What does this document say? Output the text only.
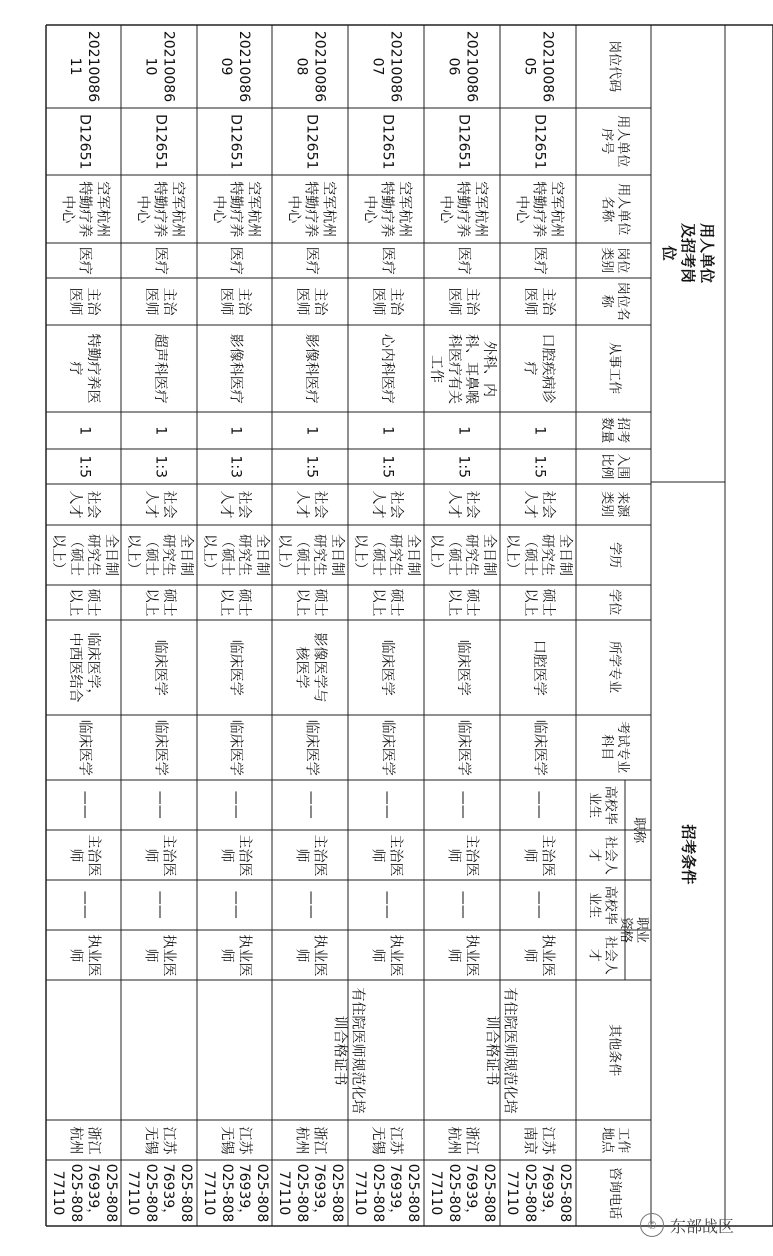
用人单位及招考岗位
招考条件
岗位代码
用人单位序号
用人单位名称
岗位类别
岗位名称
从事工作
招考数量
入围比例
来源类别
学历
学位
所学专业
考试专业科目
高校毕业生
社会人才
高校毕业生
社会人才
其他条件
工作地点
咨询电话
职称
职业资格
2021008605
D12651
空军杭州特勤疗养中心
医疗
主治医师
口腔疾病诊疗
1
1:5
社会人才
全日制研究生（硕士以上）
硕士以上
口腔医学
临床医学
——
主治医师
——
执业医师
江苏南京
025-80876939，025-80877110
2021008606
D12651
空军杭州特勤疗养中心
医疗
主治医师
外科、内科、耳鼻喉科医疗有关工作
1
1:5
社会人才
全日制研究生（硕士以上）
硕士以上
临床医学
临床医学
——
主治医师
——
执业医师
浙江杭州
025-80876939，025-80877110
2021008607
D12651
空军杭州特勤疗养中心
医疗
主治医师
心内科医疗
1
1:5
社会人才
全日制研究生（硕士以上）
硕士以上
临床医学
临床医学
——
主治医师
——
执业医师
江苏无锡
025-80876939，025-80877110
2021008608
D12651
空军杭州特勤疗养中心
医疗
主治医师
影像科医疗
1
1:5
社会人才
全日制研究生（硕士以上）
硕士以上
影像医学与核医学
临床医学
——
主治医师
——
执业医师
浙江杭州
025-80876939，025-80877110
2021008609
D12651
空军杭州特勤疗养中心
医疗
主治医师
影像科医疗
1
1:3
社会人才
全日制研究生（硕士以上）
硕士以上
临床医学
临床医学
——
主治医师
——
执业医师
江苏无锡
025-80876939，025-80877110
2021008610
D12651
空军杭州特勤疗养中心
医疗
主治医师
超声科医疗
1
1:3
社会人才
全日制研究生（硕士以上）
硕士以上
临床医学
临床医学
——
主治医师
——
执业医师
江苏无锡
025-80876939，025-80877110
2021008611
D12651
空军杭州特勤疗养中心
医疗
主治医师
特勤疗养医疗
1
1:5
社会人才
全日制研究生（硕士以上）
硕士以上
临床医学，中西医结合
临床医学
——
主治医师
——
执业医师
浙江杭州
025-80876939，025-80877110
有住院医师规范化培训合格证书
有住院医师规范化培训合格证书
✆ 东部战区
